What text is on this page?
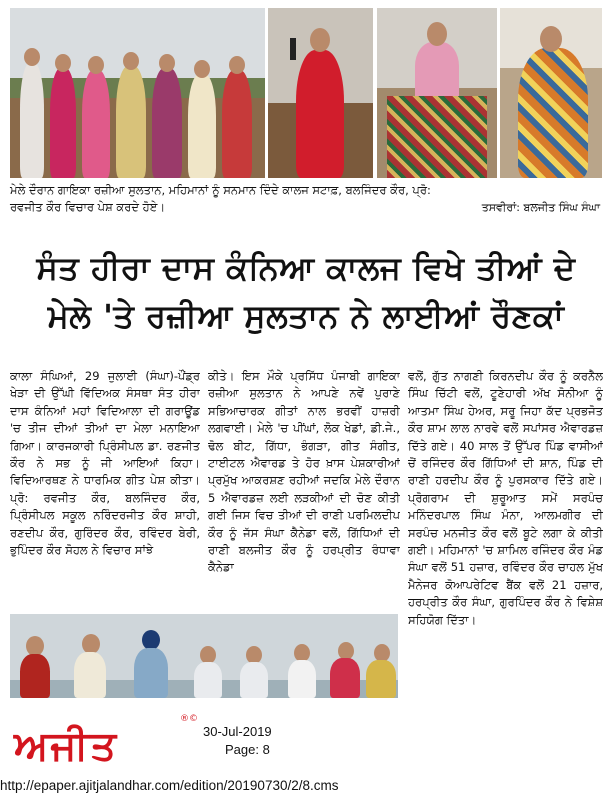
ਮੇਲੇ ਦੌਰਾਨ ਗਾਇਕਾ ਰਜ਼ੀਆ ਸੁਲਤਾਨ, ਮਹਿਮਾਨਾਂ ਨੂੰ ਸਨਮਾਨ ਦਿੰਦੇ ਕਾਲਜ ਸਟਾਫ਼, ਬਲਜਿੰਦਰ ਕੌਰ, ਪ੍ਰੋ:
ਰਵਜੀਤ ਕੌਰ ਵਿਚਾਰ ਪੇਸ਼ ਕਰਦੇ ਹੋਏ।	ਤਸਵੀਰਾਂ: ਬਲਜੀਤ ਸਿੰਘ ਸੰਘਾ
ਸੰਤ ਹੀਰਾ ਦਾਸ ਕੰਨਿਆ ਕਾਲਜ ਵਿਖੇ ਤੀਆਂ ਦੇ
ਮੇਲੇ 'ਤੇ ਰਜ਼ੀਆ ਸੁਲਤਾਨ ਨੇ ਲਾਈਆਂ ਰੌਣਕਾਂ

ਕਾਲਾ ਸੰਘਿਆਂ, 29 ਜੁਲਾਈ (ਸੰਘਾ)-ਪੌਂਡ੍ਰ ਖੇੜਾ ਦੀ ਉੱਘੀ ਵਿੱਦਿਅਕ ਸੰਸਥਾ ਸੰਤ ਹੀਰਾ ਦਾਸ ਕੰਨਿਆਂ ਮਹਾਂ ਵਿਦਿਆਲਾ ਦੀ ਗਰਾਊਂਡ 'ਚ ਤੀਜ ਦੀਆਂ ਤੀਆਂ ਦਾ ਮੇਲਾ ਮਨਾਇਆ ਗਿਆ। ਕਾਰਜਕਾਰੀ ਪ੍ਰਿੰਸੀਪਲ ਡਾ. ਰਣਜੀਤ ਕੌਰ ਨੇ ਸਭ ਨੂੰ ਜੀ ਆਇਆਂ ਕਿਹਾ। ਵਿਦਿਆਰਥਣ ਨੇ ਧਾਰਮਿਕ ਗੀਤ ਪੇਸ਼ ਕੀਤਾ। ਪ੍ਰੋ: ਰਵਜੀਤ ਕੌਰ, ਬਲਜਿੰਦਰ ਕੌਰ, ਪ੍ਰਿੰਸੀਪਲ ਸਕੂਲ ਨਰਿੰਦਰਜੀਤ ਕੌਰ ਸ਼ਾਹੀ, ਰਣਦੀਪ ਕੌਰ, ਗੁਰਿੰਦਰ ਕੌਰ, ਰਵਿੰਦਰ ਬੇਰੀ, ਭੁਪਿੰਦਰ ਕੌਰ ਸੋਹਲ ਨੇ ਵਿਚਾਰ ਸਾਂਝੇ

ਕੀਤੇ। ਇਸ ਮੌਕੇ ਪ੍ਰਸਿੱਧ ਪੰਜਾਬੀ ਗਾਇਕਾ ਰਜ਼ੀਆ ਸੁਲਤਾਨ ਨੇ ਆਪਣੇ ਨਵੇਂ ਪੁਰਾਣੇ ਸਭਿਆਚਾਰਕ ਗੀਤਾਂ ਨਾਲ ਭਰਵੀਂ ਹਾਜ਼ਰੀ ਲਗਵਾਈ। ਮੇਲੇ 'ਚ ਪੀਂਘਾਂ, ਲੋਕ ਖੇਡਾਂ, ਡੀ.ਜੇ., ਢੋਲ ਬੀਟ, ਗਿੱਧਾ, ਭੰਗੜਾ, ਗੀਤ ਸੰਗੀਤ, ਟਾਈਟਲ ਐਵਾਰਡ ਤੇ ਹੋਰ ਖ਼ਾਸ ਪੇਸ਼ਕਾਰੀਆਂ ਪ੍ਰਮੁੱਖ ਆਕਰਸ਼ਣ ਰਹੀਆਂ ਜਦਕਿ ਮੇਲੇ ਦੌਰਾਨ 5 ਐਵਾਰਡਜ਼ ਲਈ ਲੜਕੀਆਂ ਦੀ ਚੋਣ ਕੀਤੀ ਗਈ ਜਿਸ ਵਿਚ ਤੀਆਂ ਦੀ ਰਾਣੀ ਪਰਮਿਲਦੀਪ ਕੌਰ ਨੂੰ ਜੱਸ ਸੰਘਾ ਕੈਨੇਡਾ ਵਲੋਂ, ਗਿੱਧਿਆਂ ਦੀ ਰਾਣੀ ਬਲਜੀਤ ਕੌਰ ਨੂੰ ਹਰਪ੍ਰੀਤ ਰੰਧਾਵਾ ਕੈਨੇਡਾ

ਵਲੋਂ, ਗੁੱਤ ਨਾਗਣੀ ਕਿਰਨਦੀਪ ਕੌਰ ਨੂੰ ਕਰਨੈਲ ਸਿੰਘ ਚਿੱਟੀ ਵਲੋਂ, ਟੂਣੇਹਾਰੀ ਅੱਖ ਸੋਨੀਆ ਨੂੰ ਆਤਮਾ ਸਿੰਘ ਹੇਅਰ, ਸਰੂ ਜਿਹਾ ਕੱਦ ਪ੍ਰਭਜੋਤ ਕੌਰ ਸ਼ਾਮ ਲਾਲ ਨਾਰਵੇ ਵਲੋਂ ਸਪਾਂਸਰ ਐਵਾਰਡਜ਼ ਦਿੱਤੇ ਗਏ। 40 ਸਾਲ ਤੋਂ ਉੱਪਰ ਪਿੰਡ ਵਾਸੀਆਂ ਚੋਂ ਰਜਿੰਦਰ ਕੌਰ ਗਿੱਧਿਆਂ ਦੀ ਸ਼ਾਨ, ਪਿੰਡ ਦੀ ਰਾਣੀ ਹਰਦੀਪ ਕੌਰ ਨੂੰ ਪੁਰਸਕਾਰ ਦਿੱਤੇ ਗਏ। ਪ੍ਰੋਗਰਾਮ ਦੀ ਸ਼ੁਰੂਆਤ ਸਮੇਂ ਸਰਪੰਚ ਮਨਿੰਦਰਪਾਲ ਸਿੰਘ ਮੰਨਾ, ਆਲਮਗੀਰ ਦੀ ਸਰਪੰਚ ਮਨਜੀਤ ਕੌਰ ਵਲੋਂ ਬੂਟੇ ਲਗਾ ਕੇ ਕੀਤੀ ਗਈ। ਮਹਿਮਾਨਾਂ 'ਚ ਸ਼ਾਮਿਲ ਰਜਿੰਦਰ ਕੌਰ ਮੰਡ ਸੰਘਾ ਵਲੋਂ 51 ਹਜ਼ਾਰ, ਰਵਿੰਦਰ ਕੌਰ ਚਾਹਲ ਮੁੱਖ ਮੈਨੇਜਰ ਕੋਆਪਰੇਟਿਵ ਬੈਂਕ ਵਲੋਂ 21 ਹਜ਼ਾਰ, ਹਰਪ੍ਰੀਤ ਕੌਰ ਸੰਘਾ, ਗੁਰਪਿੰਦਰ ਕੌਰ ਨੇ ਵਿਸ਼ੇਸ਼ ਸਹਿਯੋਗ ਦਿੱਤਾ।

ਅਜੀਤ
®©
30-Jul-2019
Page: 8
http://epaper.ajitjalandhar.com/edition/20190730/2/8.cms
